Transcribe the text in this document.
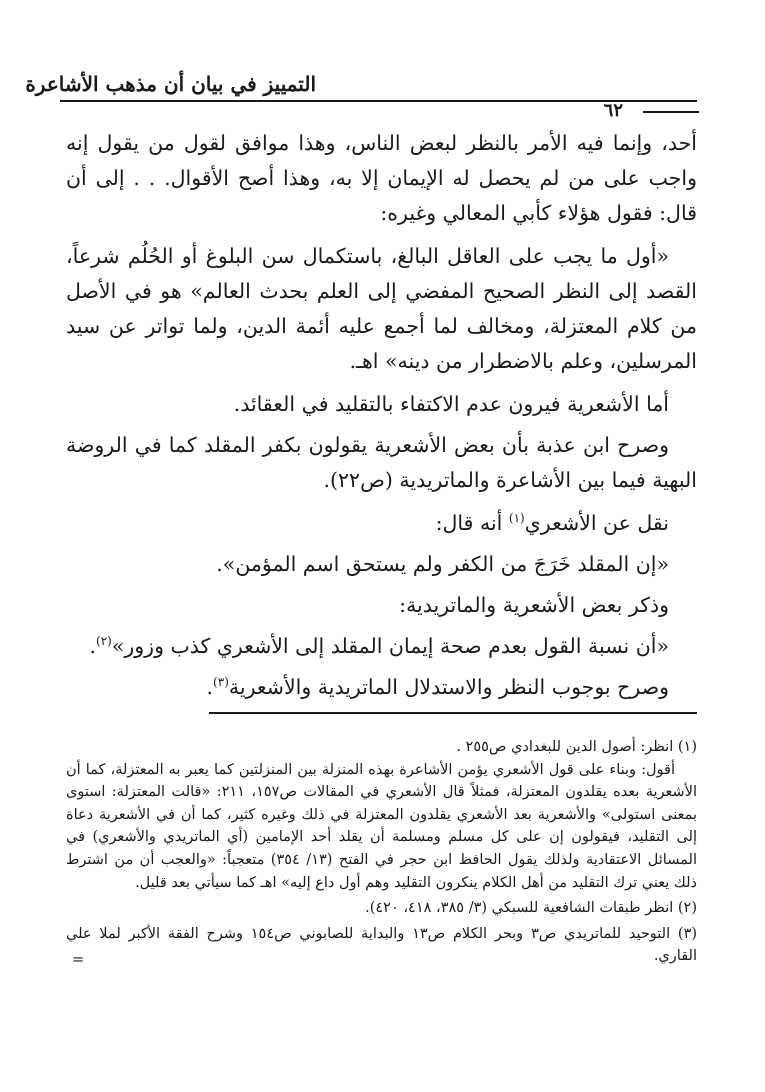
التمييز في بيان أن مذهب الأشاعرة
٦٢

أحد، وإنما فيه الأمر بالنظر لبعض الناس، وهذا موافق لقول من يقول إنه واجب على من لم يحصل له الإيمان إلا به، وهذا أصح الأقوال. . . إلى أن قال: فقول هؤلاء كأبي المعالي وغيره:

«أول ما يجب على العاقل البالغ، باستكمال سن البلوغ أو الحُلُم شرعاً، القصد إلى النظر الصحيح المفضي إلى العلم بحدث العالم» هو في الأصل من كلام المعتزلة، ومخالف لما أجمع عليه أئمة الدين، ولما تواتر عن سيد المرسلين، وعلم بالاضطرار من دينه» اهـ.

أما الأشعرية فيرون عدم الاكتفاء بالتقليد في العقائد.

وصرح ابن عذبة بأن بعض الأشعرية يقولون بكفر المقلد كما في الروضة البهية فيما بين الأشاعرة والماتريدية (ص٢٢).

نقل عن الأشعري$^{(١)}$ أنه قال:

«إن المقلد خَرَجَ من الكفر ولم يستحق اسم المؤمن».

وذكر بعض الأشعرية والماتريدية:

«أن نسبة القول بعدم صحة إيمان المقلد إلى الأشعري كذب وزور»$^{(٢)}$.

وصرح بوجوب النظر والاستدلال الماتريدية والأشعرية$^{(٣)}$.

(١) انظر: أصول الدين للبغدادي ص٢٥٥ .
أقول: وبناء على قول الأشعري يؤمن الأشاعرة بهذه المنزلة بين المنزلتين كما يعبر به المعتزلة، كما أن الأشعرية بعده يقلدون المعتزلة، فمثلاً قال الأشعري في المقالات ص١٥٧، ٢١١: «قالت المعتزلة: استوى بمعنى استولى» والأشعرية بعد الأشعري يقلدون المعتزلة في ذلك وغيره كثير، كما أن في الأشعرية دعاة إلى التقليد، فيقولون إن على كل مسلم ومسلمة أن يقلد أحد الإمامين (أي الماتريدي والأشعري) في المسائل الاعتقادية ولذلك يقول الحافظ ابن حجر في الفتح (١٣/ ٣٥٤) متعجباً: «والعجب أن من اشترط ذلك يعني ترك التقليد من أهل الكلام ينكرون التقليد وهم أول داع إليه» اهـ كما سيأتي بعد قليل.
(٢) انظر طبقات الشافعية للسبكي (٣/ ٣٨٥، ٤١٨، ٤٢٠).
(٣) التوحيد للماتريدي ص٣ وبحر الكلام ص١٣ والبداية للصابوني ص١٥٤ وشرح الفقة الأكبر لملا علي القاري.
=
